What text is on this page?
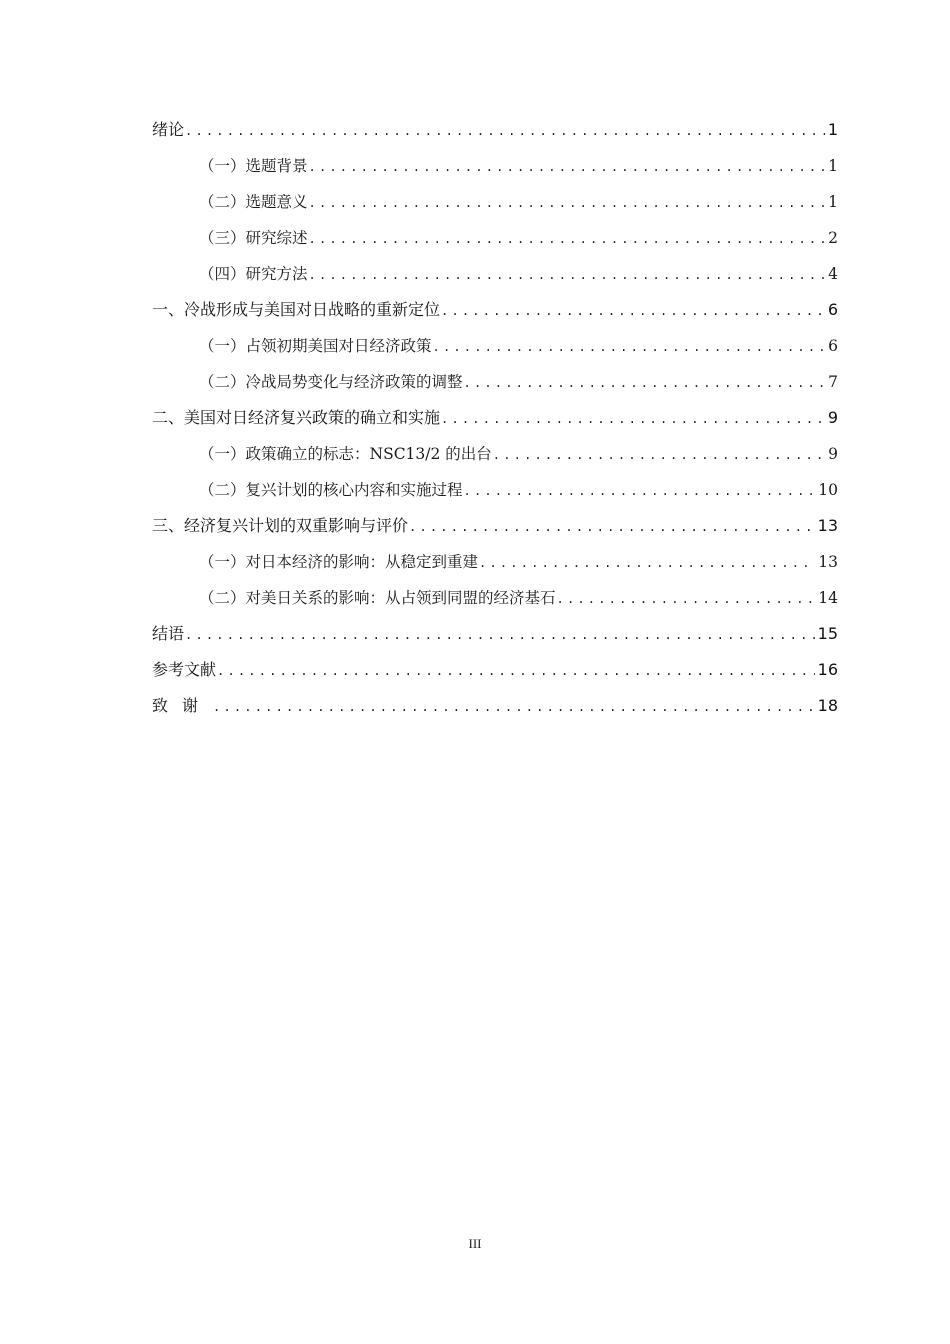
绪论 .....	1
（一） 选题背景 .....	1
（二） 选题意义 .....	1
（三） 研究综述 .....	2
（四） 研究方法 .....	4
一、 冷战形成与美国对日战略的重新定位 .....	6
（一） 占领初期美国对日经济政策 .....	6
（二） 冷战局势变化与经济政策的调整 .....	7
二、 美国对日经济复兴政策的确立和实施 .....	9
（一） 政策确立的标志：NSC13/2 的出台 .....	9
（二） 复兴计划的核心内容和实施过程 .....	10
三、 经济复兴计划的双重影响与评价 .....	13
（一） 对日本经济的影响：从稳定到重建 .....	13
（二） 对美日关系的影响：从占领到同盟的经济基石 .....	14
结语 .....	15
参考文献 .....	16
致谢 .....	18
III
